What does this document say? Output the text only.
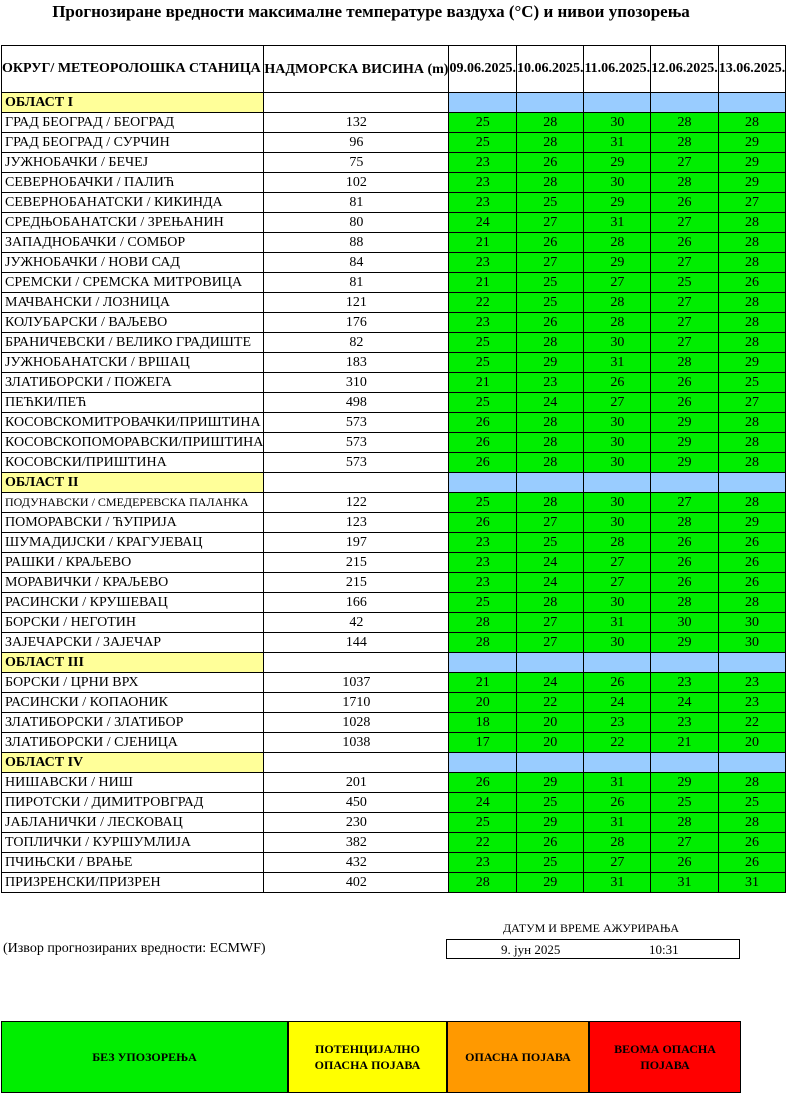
Прогнозиране вредности максималне температуре ваздуха (°C) и нивои упозорења
ОКРУГ/ МЕТЕОРОЛОШКА СТАНИЦА	НАДМОРСКА ВИСИНА (m)	09.06.2025.	10.06.2025.	11.06.2025.	12.06.2025.	13.06.2025.
ОБЛАСТ I						
ГРАД БЕОГРАД / БЕОГРАД	132	25	28	30	28	28
ГРАД БЕОГРАД / СУРЧИН	96	25	28	31	28	29
ЈУЖНОБАЧКИ / БЕЧЕЈ	75	23	26	29	27	29
СЕВЕРНОБАЧКИ / ПАЛИЋ	102	23	28	30	28	29
СЕВЕРНОБАНАТСКИ / КИКИНДА	81	23	25	29	26	27
СРЕДЊОБАНАТСКИ / ЗРЕЊАНИН	80	24	27	31	27	28
ЗАПАДНОБАЧКИ / СОМБОР	88	21	26	28	26	28
ЈУЖНОБАЧКИ / НОВИ САД	84	23	27	29	27	28
СРЕМСКИ / СРЕМСКА МИТРОВИЦА	81	21	25	27	25	26
МАЧВАНСКИ / ЛОЗНИЦА	121	22	25	28	27	28
КОЛУБАРСКИ / ВАЉЕВО	176	23	26	28	27	28
БРАНИЧЕВСКИ / ВЕЛИКО ГРАДИШТЕ	82	25	28	30	27	28
ЈУЖНОБАНАТСКИ / ВРШАЦ	183	25	29	31	28	29
ЗЛАТИБОРСКИ / ПОЖЕГА	310	21	23	26	26	25
ПЕЋКИ/ПЕЋ	498	25	24	27	26	27
КОСОВСКОМИТРОВАЧКИ/ПРИШТИНА	573	26	28	30	29	28
КОСОВСКОПОМОРАВСКИ/ПРИШТИНА	573	26	28	30	29	28
КОСОВСКИ/ПРИШТИНА	573	26	28	30	29	28
ОБЛАСТ II						
ПОДУНАВСКИ / СМЕДЕРЕВСКА ПАЛАНКА	122	25	28	30	27	28
ПОМОРАВСКИ / ЋУПРИЈА	123	26	27	30	28	29
ШУМАДИЈСКИ / КРАГУЈЕВАЦ	197	23	25	28	26	26
РАШКИ / КРАЉЕВО	215	23	24	27	26	26
МОРАВИЧКИ / КРАЉЕВО	215	23	24	27	26	26
РАСИНСКИ / КРУШЕВАЦ	166	25	28	30	28	28
БОРСКИ / НЕГОТИН	42	28	27	31	30	30
ЗАЈЕЧАРСКИ / ЗАЈЕЧАР	144	28	27	30	29	30
ОБЛАСТ III						
БОРСКИ / ЦРНИ ВРХ	1037	21	24	26	23	23
РАСИНСКИ / КОПАОНИК	1710	20	22	24	24	23
ЗЛАТИБОРСКИ / ЗЛАТИБОР	1028	18	20	23	23	22
ЗЛАТИБОРСКИ / СЈЕНИЦА	1038	17	20	22	21	20
ОБЛАСТ IV						
НИШАВСКИ / НИШ	201	26	29	31	29	28
ПИРОТСКИ / ДИМИТРОВГРАД	450	24	25	26	25	25
ЈАБЛАНИЧКИ / ЛЕСКОВАЦ	230	25	29	31	28	28
ТОПЛИЧКИ / КУРШУМЛИЈА	382	22	26	28	27	26
ПЧИЊСКИ / ВРАЊЕ	432	23	25	27	26	26
ПРИЗРЕНСКИ/ПРИЗРЕН	402	28	29	31	31	31
ДАТУМ И ВРЕМЕ АЖУРИРАЊА
9. јун 2025	10:31
(Извор прогнозираних вредности: ECMWF)
БЕЗ УПОЗОРЕЊА
ПОТЕНЦИЈАЛНО ОПАСНА ПОЈАВА
ОПАСНА ПОЈАВА
ВЕОМА ОПАСНА ПОЈАВА
